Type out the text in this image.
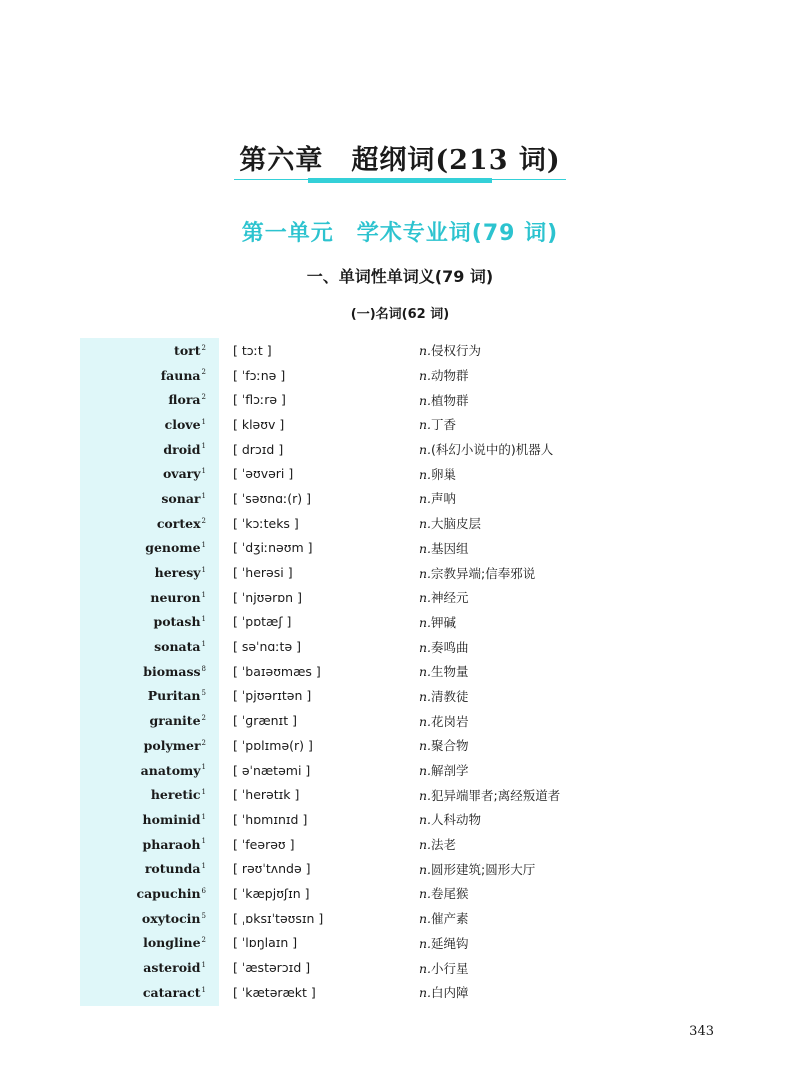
第六章　超纲词(213 词)
第一单元　学术专业词(79 词)
一、单词性单词义(79 词)
(一)名词(62 词)
tort$^2$ [ tɔːt ]	n.侵权行为
fauna$^2$ [ ˈfɔːnə ]	n.动物群
flora$^2$ [ ˈflɔːrə ]	n.植物群
clove$^1$ [ kləʊv ]	n.丁香
droid$^1$ [ drɔɪd ]	n.(科幻小说中的)机器人
ovary$^1$ [ ˈəʊvəri ]	n.卵巢
sonar$^1$ [ ˈsəʊnɑː(r) ]	n.声呐
cortex$^2$ [ ˈkɔːteks ]	n.大脑皮层
genome$^1$ [ ˈdʒiːnəʊm ]	n.基因组
heresy$^1$ [ ˈherəsi ]	n.宗教异端;信奉邪说
neuron$^1$ [ ˈnjʊərɒn ]	n.神经元
potash$^1$ [ ˈpɒtæʃ ]	n.钾碱
sonata$^1$ [ səˈnɑːtə ]	n.奏鸣曲
biomass$^8$ [ ˈbaɪəʊmæs ]	n.生物量
Puritan$^5$ [ ˈpjʊərɪtən ]	n.清教徒
granite$^2$ [ ˈɡrænɪt ]	n.花岗岩
polymer$^2$ [ ˈpɒlɪmə(r) ]	n.聚合物
anatomy$^1$ [ əˈnætəmi ]	n.解剖学
heretic$^1$ [ ˈherətɪk ]	n.犯异端罪者;离经叛道者
hominid$^1$ [ ˈhɒmɪnɪd ]	n.人科动物
pharaoh$^1$ [ ˈfeərəʊ ]	n.法老
rotunda$^1$ [ rəʊˈtʌndə ]	n.圆形建筑;圆形大厅
capuchin$^6$ [ ˈkæpjʊʃɪn ]	n.卷尾猴
oxytocin$^5$ [ ˌɒksɪˈtəʊsɪn ]	n.催产素
longline$^2$ [ ˈlɒŋlaɪn ]	n.延绳钩
asteroid$^1$ [ ˈæstərɔɪd ]	n.小行星
cataract$^1$ [ ˈkætərækt ]	n.白内障
343
